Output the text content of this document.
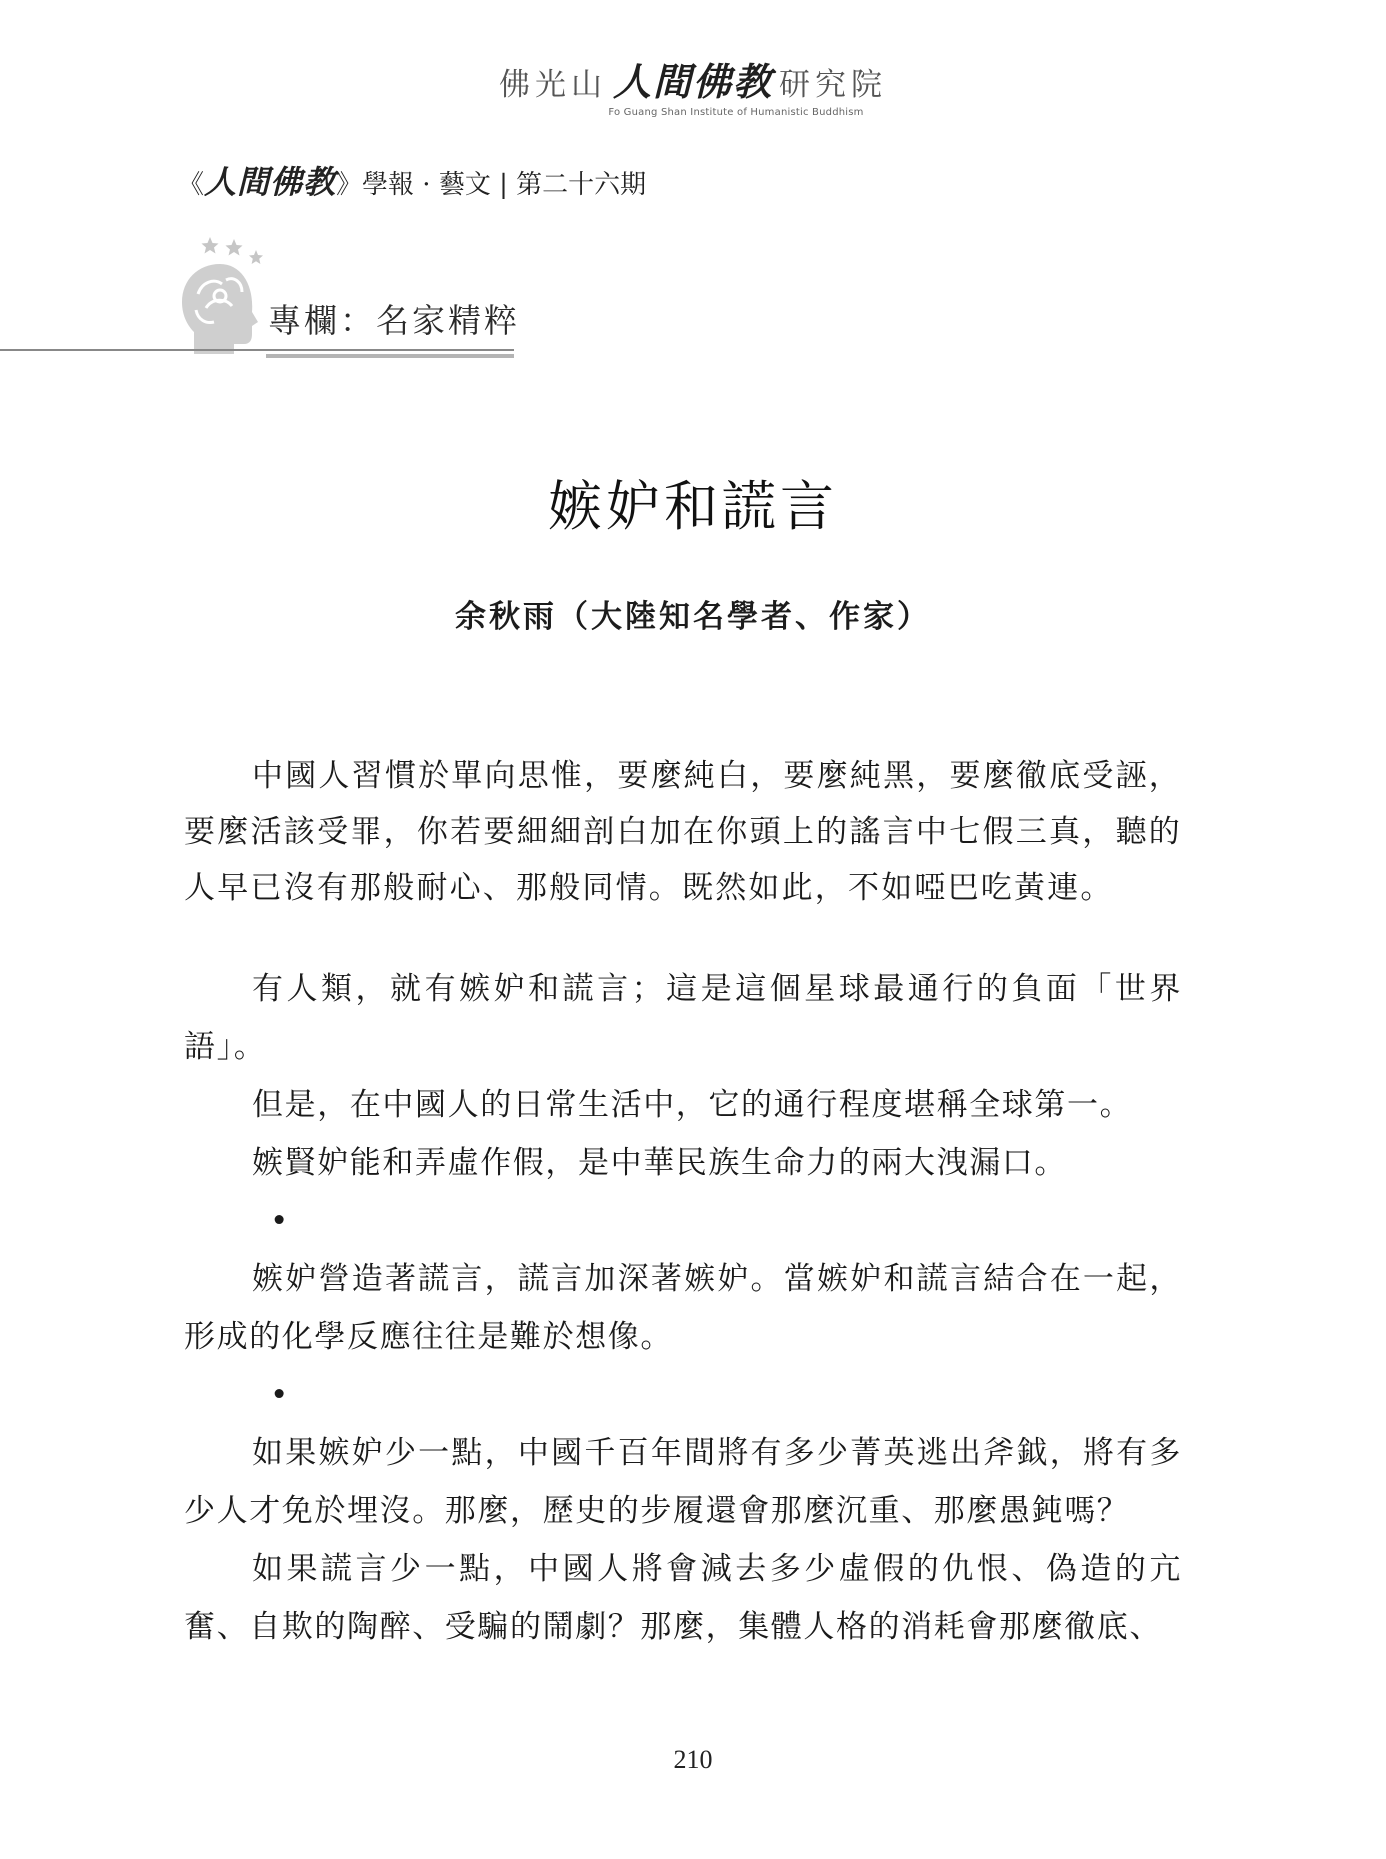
佛光山 人間佛教 研究院
Fo Guang Shan Institute of Humanistic Buddhism
《人間佛教》學報 · 藝文 | 第二十六期
專欄：名家精粹
嫉妒和謊言
余秋雨（大陸知名學者、作家）

中國人習慣於單向思惟，要麼純白，要麼純黑，要麼徹底受誣，要麼活該受罪，你若要細細剖白加在你頭上的謠言中七假三真，聽的人早已沒有那般耐心、那般同情。既然如此，不如啞巴吃黃連。

有人類，就有嫉妒和謊言；這是這個星球最通行的負面「世界語」。

但是，在中國人的日常生活中，它的通行程度堪稱全球第一。

嫉賢妒能和弄虛作假，是中華民族生命力的兩大洩漏口。

•

嫉妒營造著謊言，謊言加深著嫉妒。當嫉妒和謊言結合在一起，形成的化學反應往往是難於想像。

•

如果嫉妒少一點，中國千百年間將有多少菁英逃出斧鉞，將有多少人才免於埋沒。那麼，歷史的步履還會那麼沉重、那麼愚鈍嗎？

如果謊言少一點，中國人將會減去多少虛假的仇恨、偽造的亢奮、自欺的陶醉、受騙的鬧劇？那麼，集體人格的消耗會那麼徹底、

210
